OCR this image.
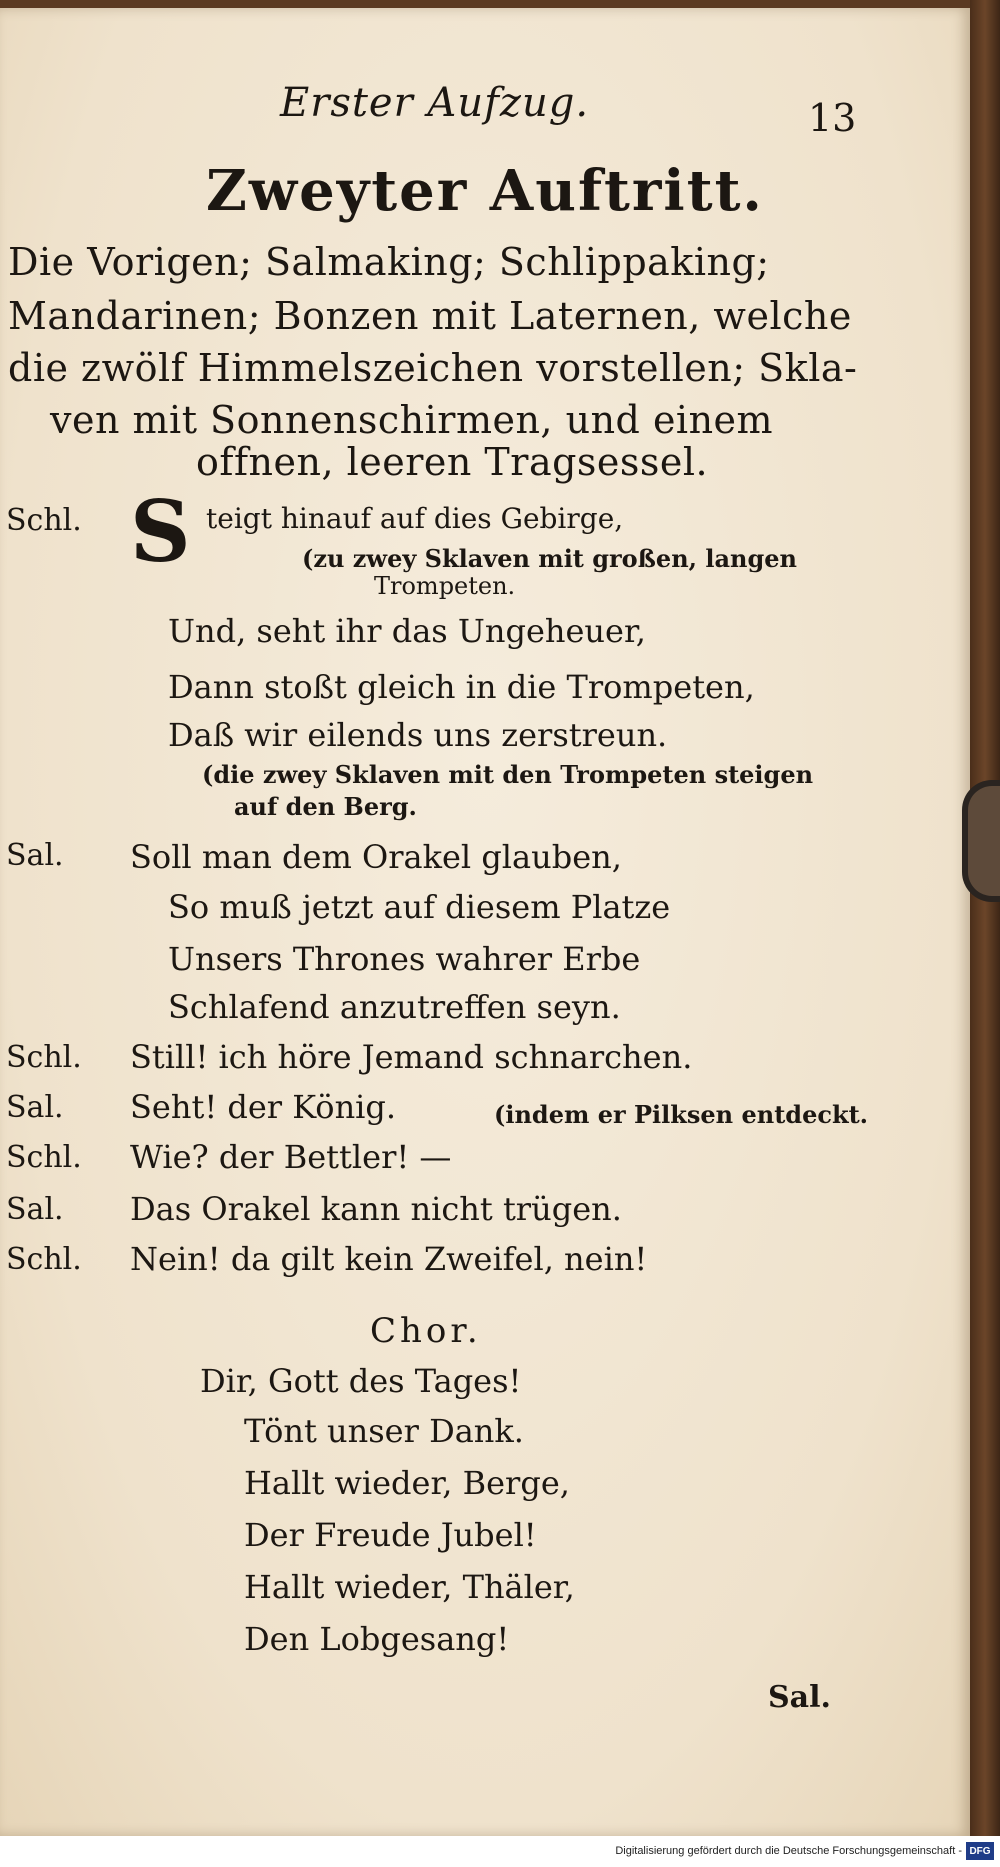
Erster Aufzug.	13
Zweyter Auftritt.
Die Vorigen; Salmaking; Schlippaking;
Mandarinen; Bonzen mit Laternen, welche
die zwölf Himmelszeichen vorstellen; Skla-
ven mit Sonnenschirmen, und einem
offnen, leeren Tragsessel.
Schl. S teigt hinauf auf dies Gebirge,
(zu zwey Sklaven mit großen, langen
Trompeten.
Und, seht ihr das Ungeheuer,
Dann stoßt gleich in die Trompeten,
Daß wir eilends uns zerstreun.
(die zwey Sklaven mit den Trompeten steigen
auf den Berg.
Sal. Soll man dem Orakel glauben,
So muß jetzt auf diesem Platze
Unsers Thrones wahrer Erbe
Schlafend anzutreffen seyn.
Schl. Still! ich höre Jemand schnarchen.
Sal. Seht! der König.	(indem er Pilksen entdeckt.
Schl. Wie? der Bettler! —
Sal. Das Orakel kann nicht trügen.
Schl. Nein! da gilt kein Zweifel, nein!
Chor.
Dir, Gott des Tages!
Tönt unser Dank.
Hallt wieder, Berge,
Der Freude Jubel!
Hallt wieder, Thäler,
Den Lobgesang!
Sal.
Digitalisierung gefördert durch die Deutsche Forschungsgemeinschaft - DFG
